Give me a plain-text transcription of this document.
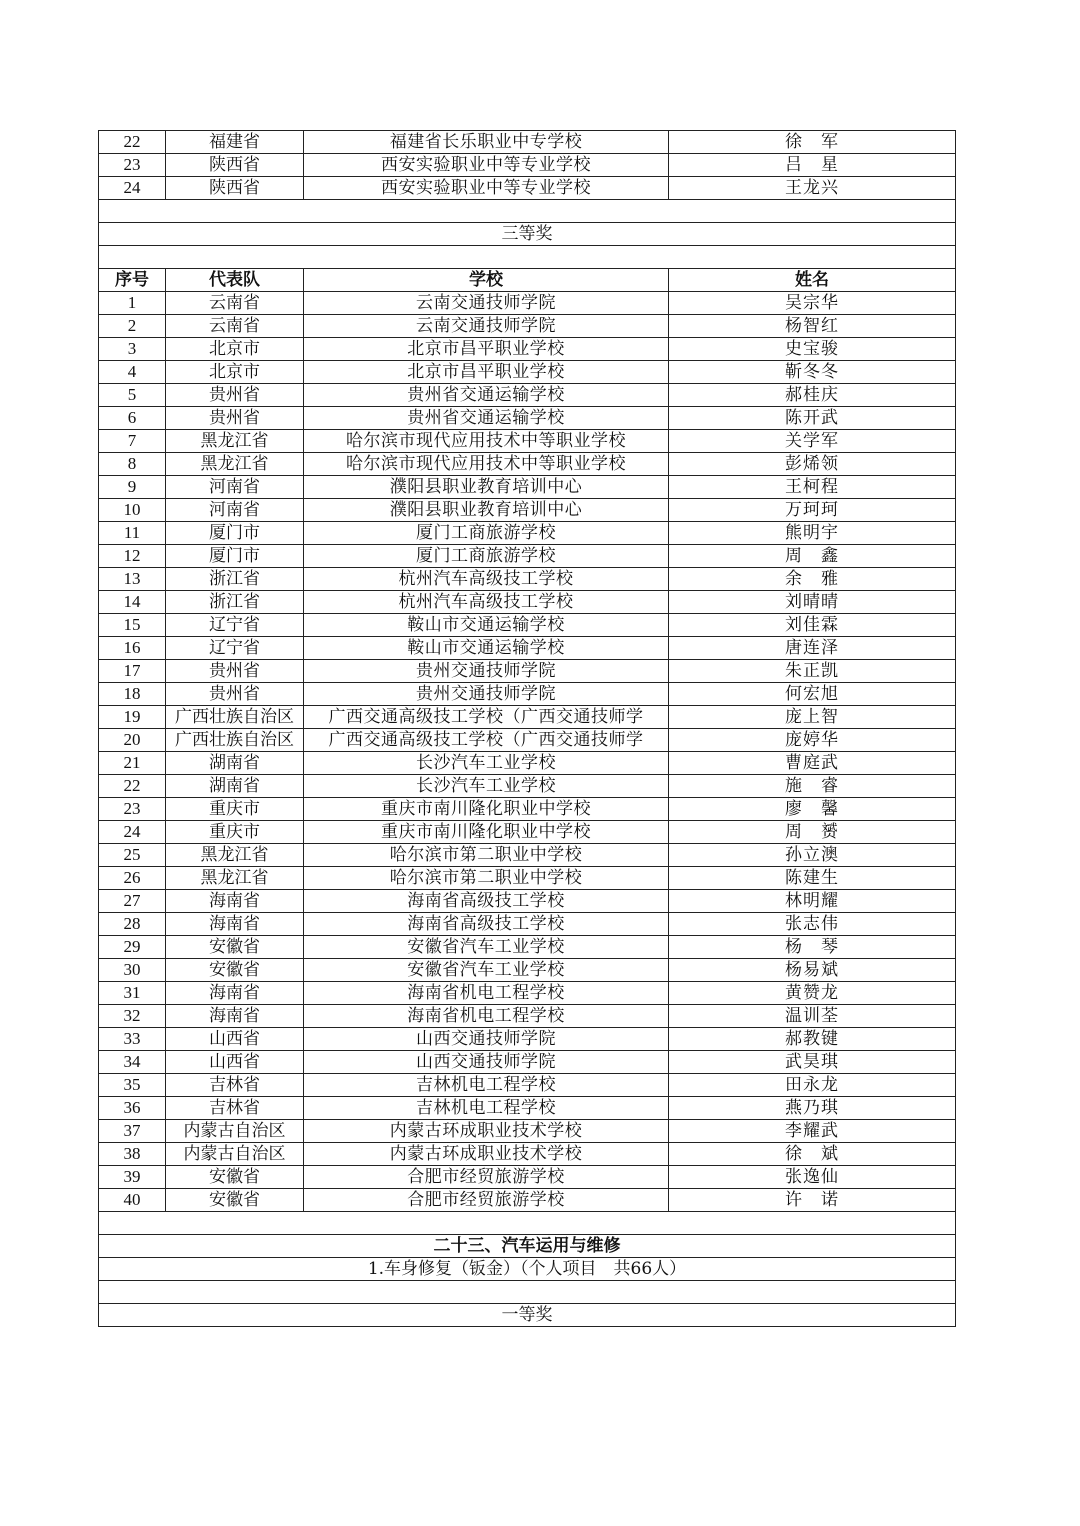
22	福建省	福建省长乐职业中专学校	徐　军
23	陕西省	西安实验职业中等专业学校	吕　星
24	陕西省	西安实验职业中等专业学校	王龙兴

三等奖			

序号	代表队	学校	姓名
1	云南省	云南交通技师学院	吴宗华
2	云南省	云南交通技师学院	杨智红
3	北京市	北京市昌平职业学校	史宝骏
4	北京市	北京市昌平职业学校	靳冬冬
5	贵州省	贵州省交通运输学校	郝桂庆
6	贵州省	贵州省交通运输学校	陈开武
7	黑龙江省	哈尔滨市现代应用技术中等职业学校	关学军
8	黑龙江省	哈尔滨市现代应用技术中等职业学校	彭烯领
9	河南省	濮阳县职业教育培训中心	王柯程
10	河南省	濮阳县职业教育培训中心	万珂珂
11	厦门市	厦门工商旅游学校	熊明宇
12	厦门市	厦门工商旅游学校	周　鑫
13	浙江省	杭州汽车高级技工学校	余　雅
14	浙江省	杭州汽车高级技工学校	刘晴晴
15	辽宁省	鞍山市交通运输学校	刘佳霖
16	辽宁省	鞍山市交通运输学校	唐连泽
17	贵州省	贵州交通技师学院	朱正凯
18	贵州省	贵州交通技师学院	何宏旭
19	广西壮族自治区	广西交通高级技工学校（广西交通技师学	庞上智
20	广西壮族自治区	广西交通高级技工学校（广西交通技师学	庞婷华
21	湖南省	长沙汽车工业学校	曹庭武
22	湖南省	长沙汽车工业学校	施　睿
23	重庆市	重庆市南川隆化职业中学校	廖　馨
24	重庆市	重庆市南川隆化职业中学校	周　赟
25	黑龙江省	哈尔滨市第二职业中学校	孙立澳
26	黑龙江省	哈尔滨市第二职业中学校	陈建生
27	海南省	海南省高级技工学校	林明耀
28	海南省	海南省高级技工学校	张志伟
29	安徽省	安徽省汽车工业学校	杨　琴
30	安徽省	安徽省汽车工业学校	杨易斌
31	海南省	海南省机电工程学校	黄赞龙
32	海南省	海南省机电工程学校	温训荃
33	山西省	山西交通技师学院	郝教键
34	山西省	山西交通技师学院	武昊琪
35	吉林省	吉林机电工程学校	田永龙
36	吉林省	吉林机电工程学校	燕乃琪
37	内蒙古自治区	内蒙古环成职业技术学校	李耀武
38	内蒙古自治区	内蒙古环成职业技术学校	徐　斌
39	安徽省	合肥市经贸旅游学校	张逸仙
40	安徽省	合肥市经贸旅游学校	许　诺

二十三、汽车运用与维修			
1.车身修复（钣金）（个人项目　共66人）			

一等奖			
